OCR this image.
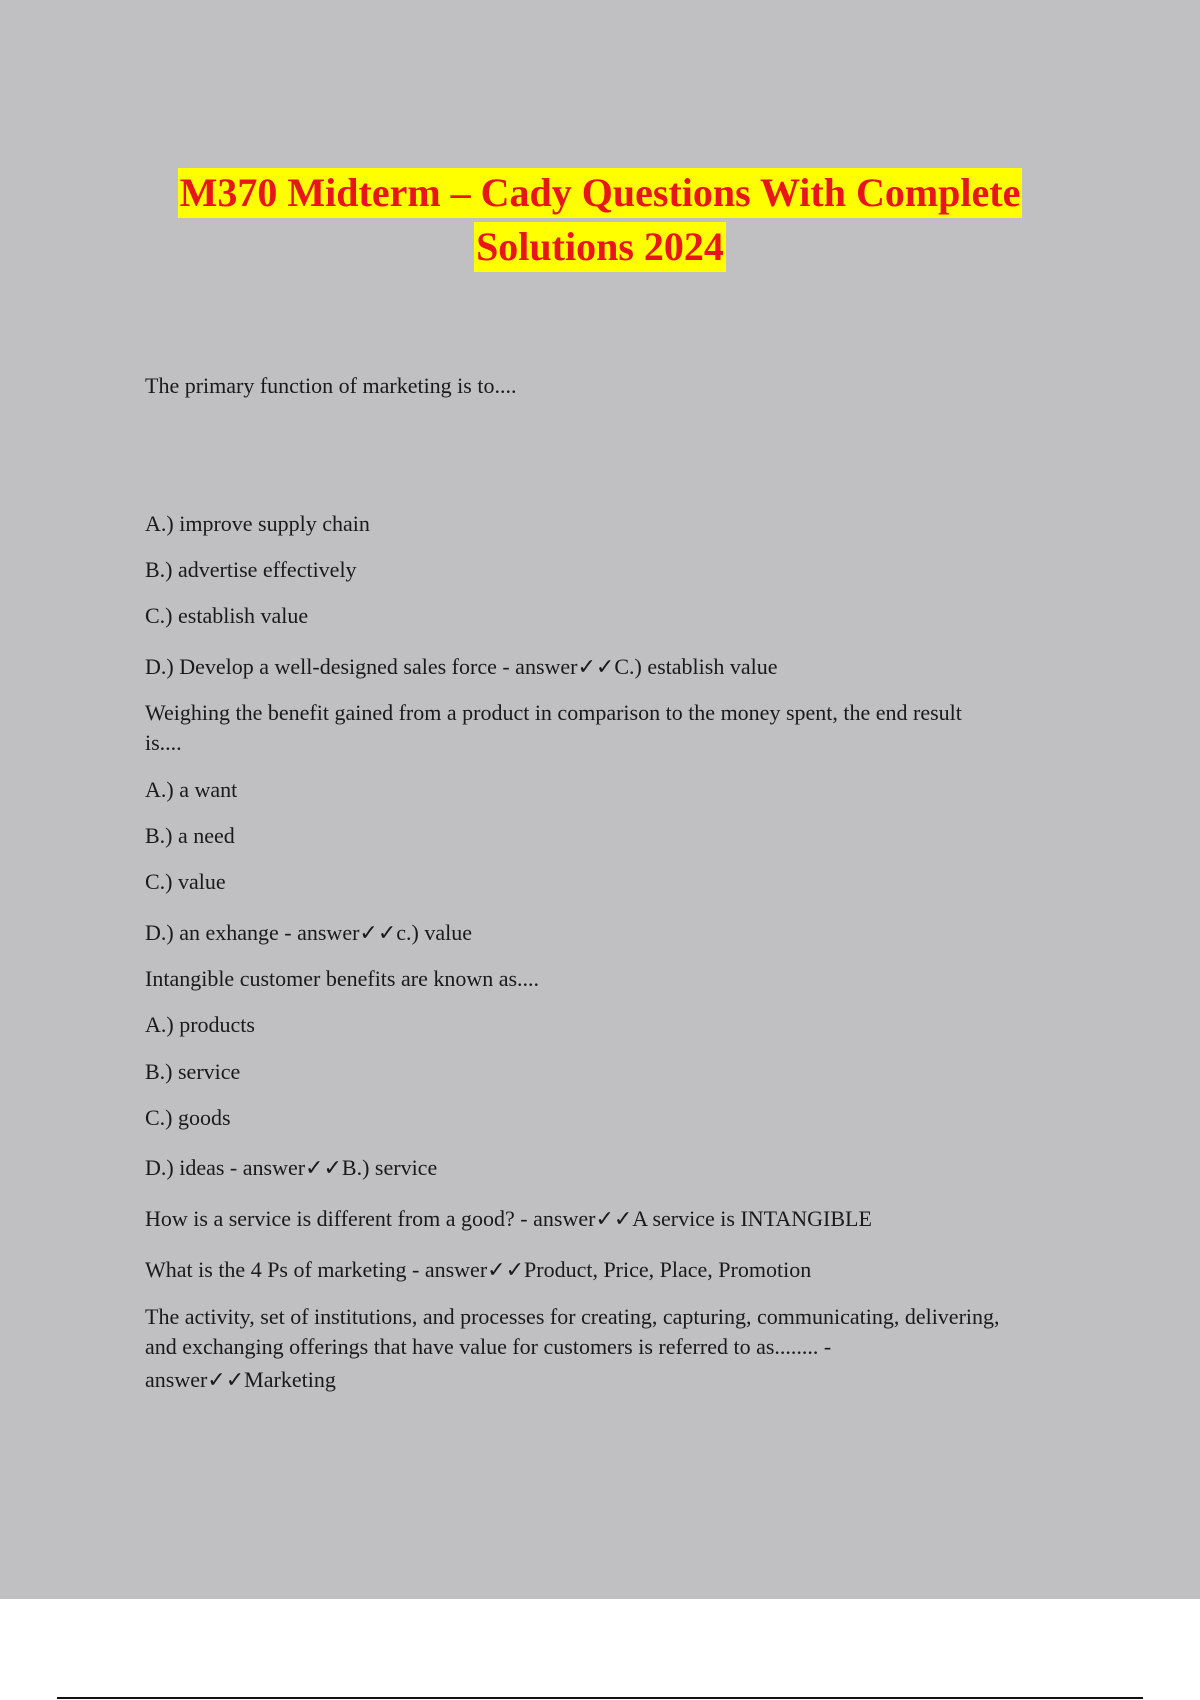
M370 Midterm – Cady Questions With Complete
Solutions 2024
The primary function of marketing is to....
A.) improve supply chain
B.) advertise effectively
C.) establish value
D.) Develop a well-designed sales force - answer✓✓C.) establish value
Weighing the benefit gained from a product in comparison to the money spent, the end result
is....
A.) a want
B.) a need
C.) value
D.) an exhange - answer✓✓c.) value
Intangible customer benefits are known as....
A.) products
B.) service
C.) goods
D.) ideas - answer✓✓B.) service
How is a service is different from a good? - answer✓✓A service is INTANGIBLE
What is the 4 Ps of marketing - answer✓✓Product, Price, Place, Promotion
The activity, set of institutions, and processes for creating, capturing, communicating, delivering,
and exchanging offerings that have value for customers is referred to as........ -
answer✓✓Marketing
